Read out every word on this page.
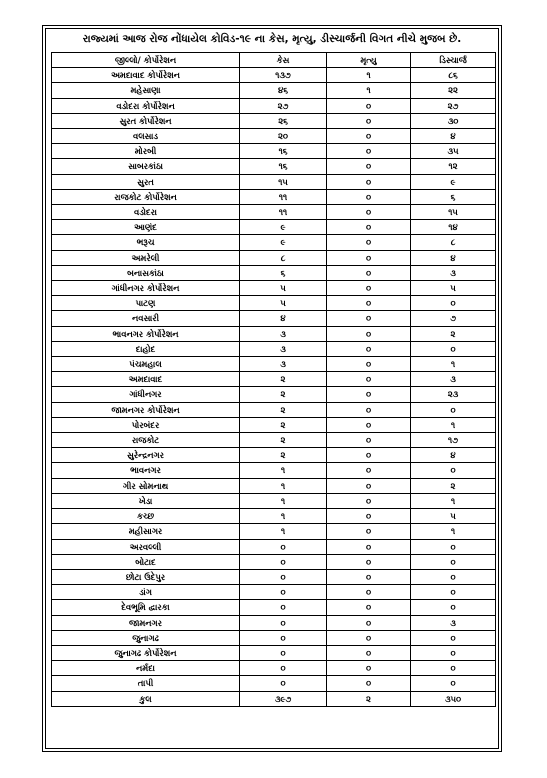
રાજ્યમાં આજ રોજ નોંધાયેલ કોવિડ-૧૯ ના કેસ, મૃત્યુ, ડીસ્ચાર્જની વિગત નીચે મુજબ છે.
જીલ્લો/ કોર્પોરેશન	કેસ	મૃત્યુ	ડિસ્ચાર્જ
અમદાવાદ કોર્પોરેશન	૧૩૭	૧	૮૬
મહેસાણા	૪૬	૧	૨૨
વડોદરા કોર્પોરેશન	૨૭	૦	૨૭
સુરત કોર્પોરેશન	૨૬	૦	૩૦
વલસાડ	૨૦	૦	૪
મોરબી	૧૬	૦	૩૫
સાબરકાંઠા	૧૬	૦	૧૨
સુરત	૧૫	૦	૯
રાજકોટ કોર્પોરેશન	૧૧	૦	૬
વડોદરા	૧૧	૦	૧૫
આણંદ	૯	૦	૧૪
ભરૂચ	૯	૦	૮
અમરેલી	૮	૦	૪
બનાસકાંઠા	૬	૦	૩
ગાંધીનગર કોર્પોરેશન	૫	૦	૫
પાટણ	૫	૦	૦
નવસારી	૪	૦	૭
ભાવનગર કોર્પોરેશન	૩	૦	૨
દાહોદ	૩	૦	૦
પંચમહાલ	૩	૦	૧
અમદાવાદ	૨	૦	૩
ગાંધીનગર	૨	૦	૨૩
જામનગર કોર્પોરેશન	૨	૦	૦
પોરબંદર	૨	૦	૧
રાજકોટ	૨	૦	૧૭
સુરેન્દ્રનગર	૨	૦	૪
ભાવનગર	૧	૦	૦
ગીર સોમનાથ	૧	૦	૨
ખેડા	૧	૦	૧
કચ્છ	૧	૦	૫
મહીસાગર	૧	૦	૧
અરવલ્લી	૦	૦	૦
બોટાદ	૦	૦	૦
છોટા ઉદેપુર	૦	૦	૦
ડાંગ	૦	૦	૦
દેવભૂમિ દ્વારકા	૦	૦	૦
જામનગર	૦	૦	૩
જુનાગઢ	૦	૦	૦
જુનાગઢ કોર્પોરેશન	૦	૦	૦
નર્મદા	૦	૦	૦
તાપી	૦	૦	૦
કુલ	૩૯૭	૨	૩૫૦
